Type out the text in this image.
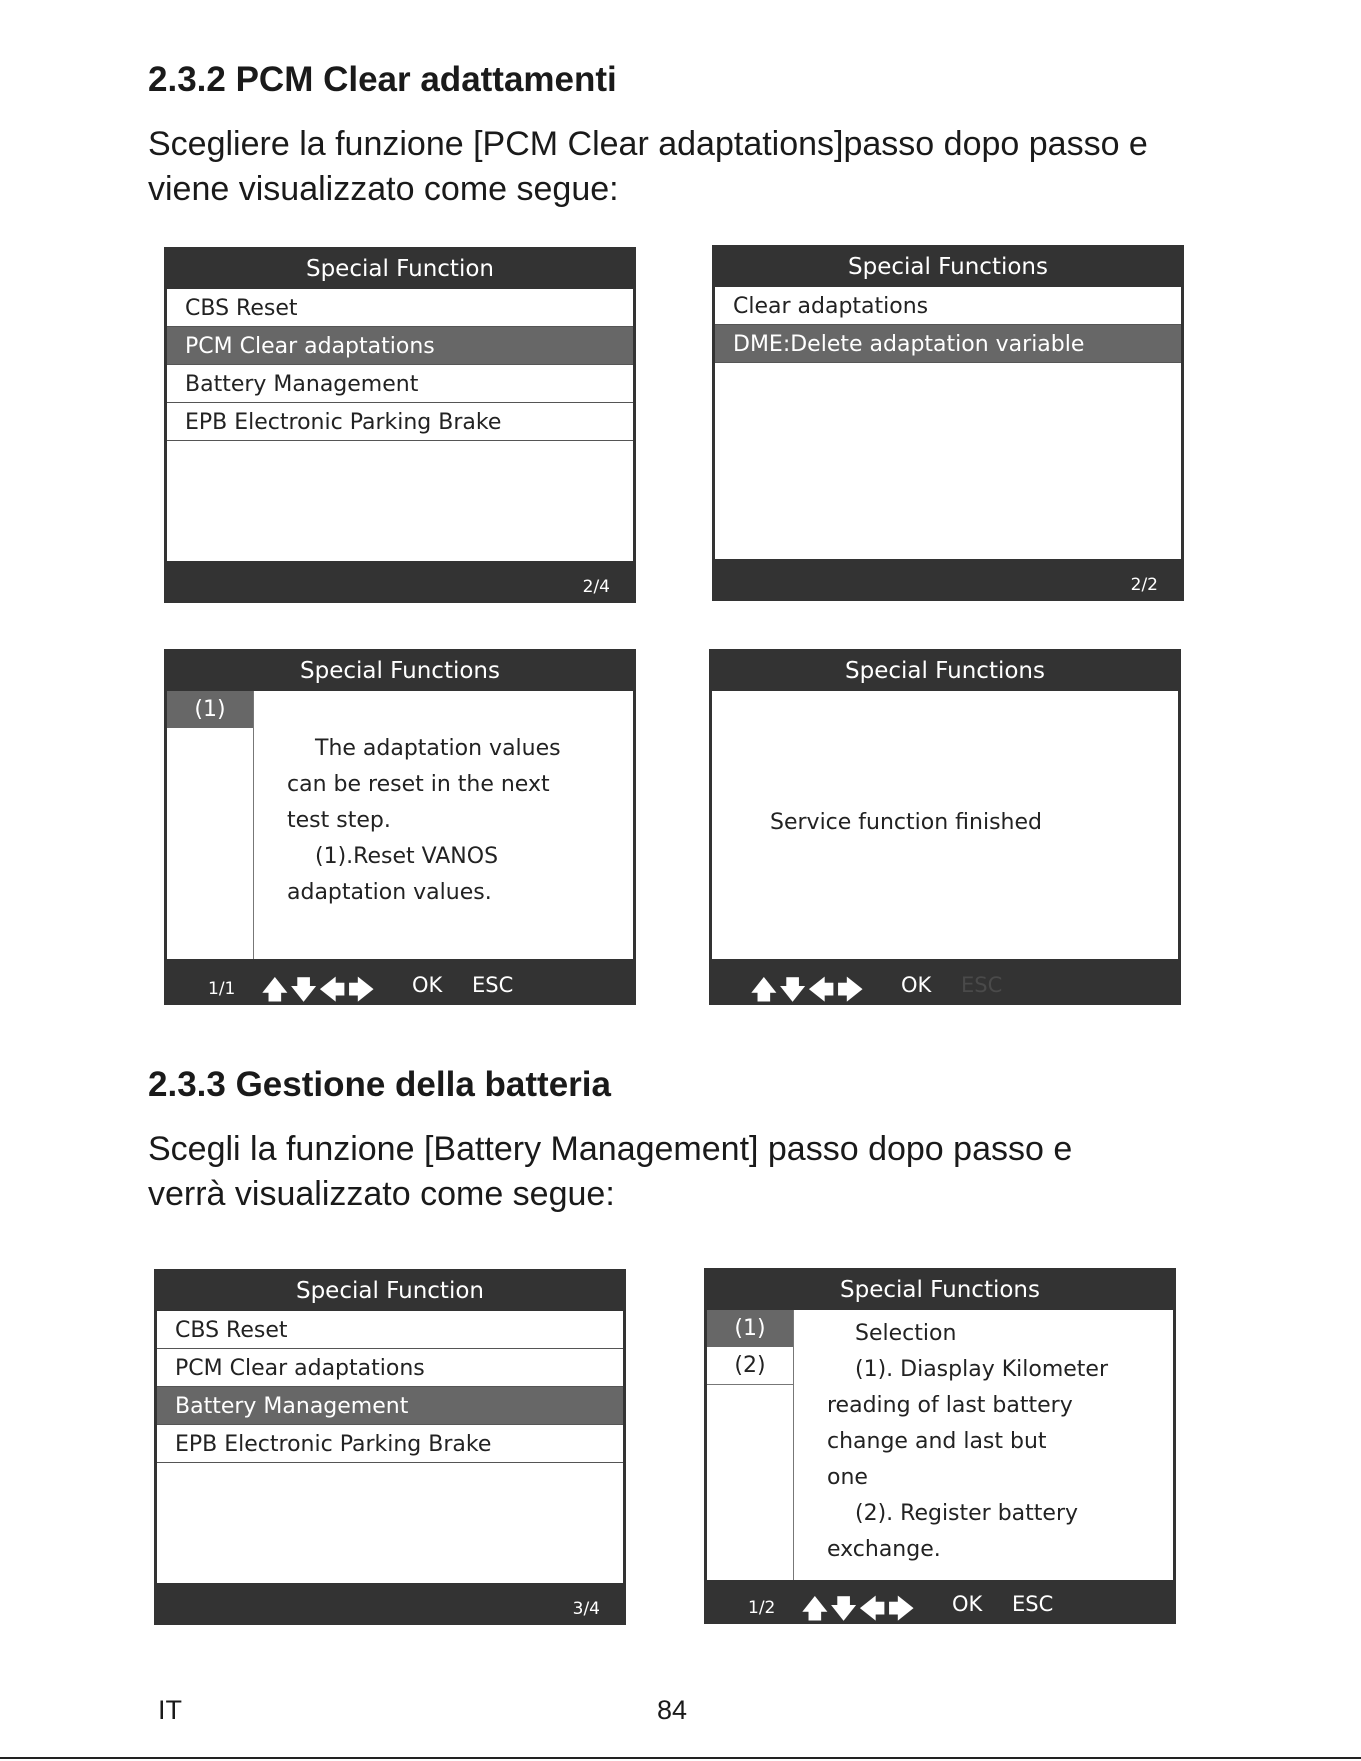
2.3.2 PCM Clear adattamenti

Scegliere la funzione [PCM Clear adaptations]passo dopo passo e
viene visualizzato come segue:

Special Function
CBS Reset
PCM Clear adaptations
Battery Management
EPB Electronic Parking Brake
2/4
Special Functions
Clear adaptations
DME:Delete adaptation variable
2/2
Special Functions
(1)
The adaptation values
can be reset in the next
test step.
(1).Reset VANOS
adaptation values.
1/1 🡅🡇🡄🡆 OK ESC
Special Functions
Service function finished
🡅🡇🡄🡆 OK ESC
2.3.3 Gestione della batteria

Scegli la funzione [Battery Management] passo dopo passo e
verrà visualizzato come segue:

Special Function
CBS Reset
PCM Clear adaptations
Battery Management
EPB Electronic Parking Brake
3/4
Special Functions
(1)
(2)
Selection
(1). Diasplay Kilometer
reading of last battery
change and last but
one
(2). Register battery
exchange.
1/2 🡅🡇🡄🡆 OK ESC
IT	84
